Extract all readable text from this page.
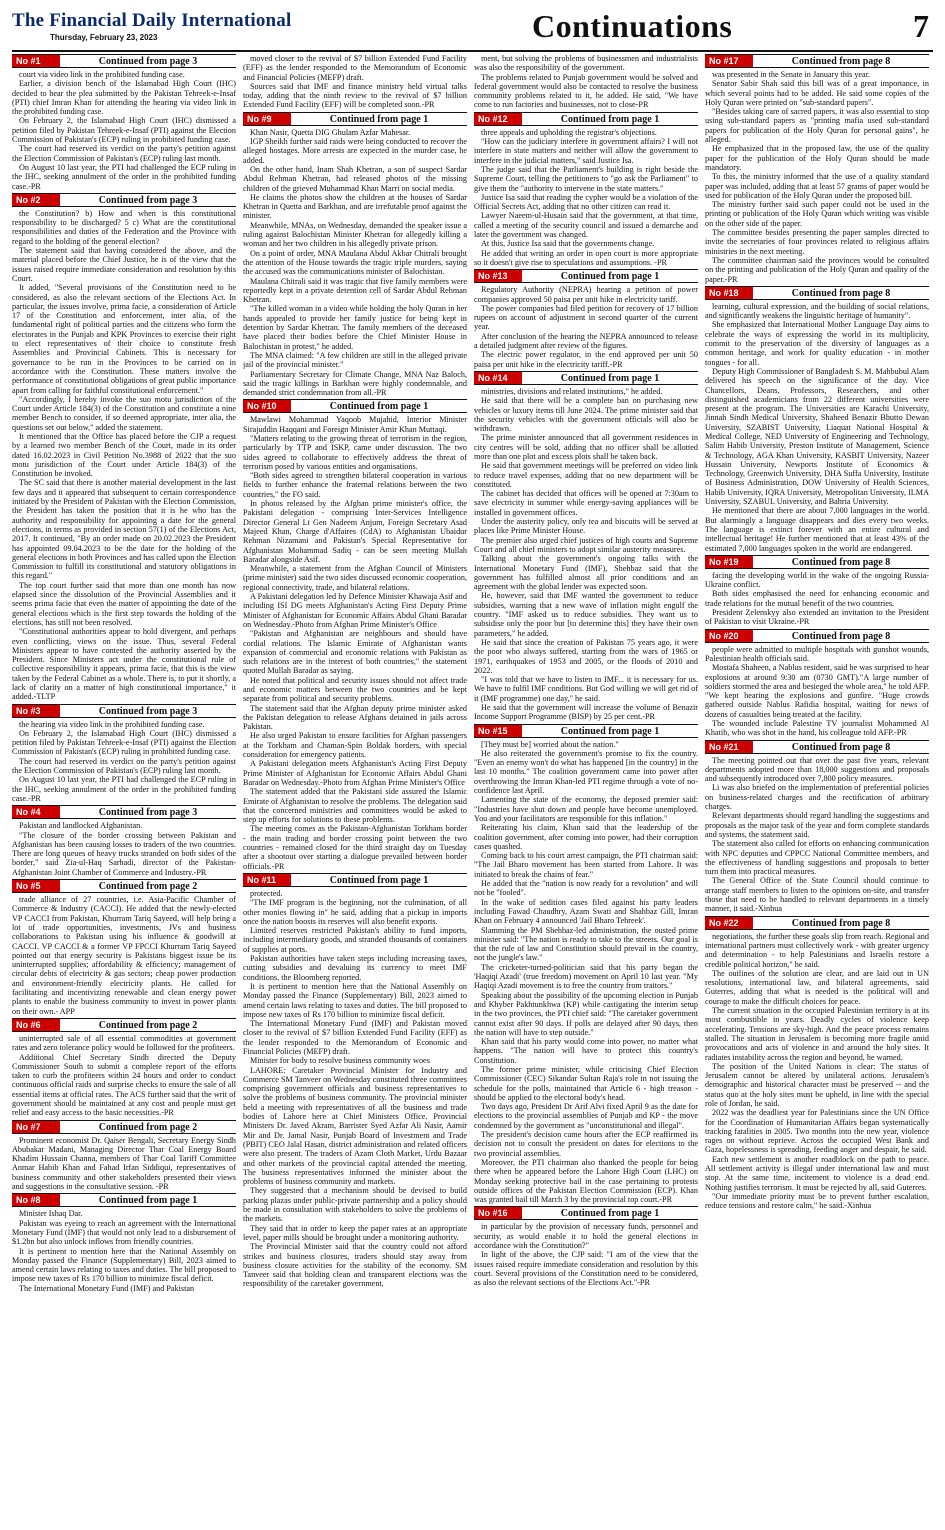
The Financial Daily International
Thursday, February 23, 2023	Continuations	7
No #1	Continued from page 3

court via video link in the prohibited funding case.

Earlier, a division bench of the Islamabad High Court (IHC) decided to hear the plea submitted by the Pakistan Tehreek-e-Insaf (PTI) chief Imran Khan for attending the hearing via video link in the prohibited funding case.

On February 2, the Islamabad High Court (IHC) dismissed a petition filed by Pakistan Tehreek-e-Insaf (PTI) against the Election Commission of Pakistan's (ECP) ruling in prohibited funding case.

The court had reserved its verdict on the party's petition against the Election Commission of Pakistan's (ECP) ruling last month.

On August 10 last year, the PTI had challenged the ECP ruling in the IHC, seeking annulment of the order in the prohibited funding case.-PR

No #2	Continued from page 3

the Constitution? b) How and when is this constitutional responsibility to be discharged? 5 c) What are the constitutional responsibilities and duties of the Federation and the Province with regard to the holding of the general election?

The statement said that having considered the above, and the material placed before the Chief Justice, he is of the view that the issues raised require immediate consideration and resolution by this Court.

It added, "Several provisions of the Constitution need to be considered, as also the relevant sections of the Elections Act. In particular, the issues involve, prima facie, a consideration of Article 17 of the Constitution and enforcement, inter alia, of the fundamental right of political parties and the citizens who form the electorates in the Punjab and KPK Provinces to exercise their right to elect representatives of their choice to constitute fresh Assemblies and Provincial Cabinets. This is necessary for governance to be run in the Provinces to be carried on in accordance with the Constitution. These matters involve the performance of constitutional obligations of great public importance apart from calling for faithful constitutional enforcement."

"Accordingly, I hereby invoke the suo motu jurisdiction of the Court under Article 184(3) of the Constitution and constitute a nine member Bench to consider, if so deemed appropriate, inter alia, the questions set out below," added the statement.

It mentioned that the Office has placed before the CJP a request by a learned two member Bench of the Court, made in its order dated 16.02.2023 in Civil Petition No.3988 of 2022 that the suo motu jurisdiction of the Court under Article 184(3) of the Constitution be invoked.

The SC said that there is another material development in the last few days and it appeared that subsequent to certain correspondence initiated by the President of Pakistan with the Election Commission, the President has taken the position that it is he who has the authority and responsibility for appointing a date for the general elections, in terms as provided in section 57(1) of the Elections Act, 2017. It continued, "By an order made on 20.02.2023 the President has appointed 09.04.2023 to be the date for the holding of the general elections in both Provinces and has called upon the Election Commission to fulfill its constitutional and statutory obligations in this regard."

The top court further said that more than one month has now elapsed since the dissolution of the Provincial Assemblies and it seems prima facie that even the matter of appointing the date of the general elections which is the first step towards the holding of the elections, has still not been resolved.

"Constitutional authorities appear to hold divergent, and perhaps even conflicting, views on the issue. Thus, several Federal Ministers appear to have contested the authority asserted by the President. Since Ministers act under the constitutional rule of collective responsibility it appears, prima facie, that this is the view taken by the Federal Cabinet as a whole. There is, to put it shortly, a lack of clarity on a matter of high constitutional importance," it added.-TLTP

No #3	Continued from page 3

the hearing via video link in the prohibited funding case.

On February 2, the Islamabad High Court (IHC) dismissed a petition filed by Pakistan Tehreek-e-Insaf (PTI) against the Election Commission of Pakistan's (ECP) ruling in prohibited funding case.

The court had reserved its verdict on the party's petition against the Election Commission of Pakistan's (ECP) ruling last month.

On August 10 last year, the PTI had challenged the ECP ruling in the IHC, seeking annulment of the order in the prohibited funding case.-PR

No #4	Continued from page 3

Pakistan and landlocked Afghanistan.

"The closure of the border crossing between Pakistan and Afghanistan has been causing losses to traders of the two countries. There are long queues of heavy trucks stranded on both sides of the border," said Zia-ul-Haq Sarhadi, director of the Pakistan-Afghanistan Joint Chamber of Commerce and Industry.-PR

No #5	Continued from page 2

trade alliance of 27 countries, i.e. Asia-Pacific Chamber of Commerce & Industry (CACCI). He added that the newly-elected VP CACCI from Pakistan, Khurram Tariq Sayeed, will help bring a lot of trade opportunities, investments, JVs and business collaborations to Pakistan using his influence & goodwill at CACCI. VP CACCI & a former VP FPCCI Khurram Tariq Sayeed pointed out that energy security is Pakistans biggest issue be its uninterrupted supplies; affordability & efficiency; management of circular debts of electricity & gas sectors; cheap power production and environment-friendly electricity plants. He called for facilitating and incentivizing renewable and clean energy power plants to enable the business community to invest in power plants on their own.- APP

No #6	Continued from page 2

uninterrupted sale of all essential commodities at government rates and zero tolerance policy would be followed for the profiteers.

Additional Chief Secretary Sindh directed the Deputy Commissioner South to submit a complete report of the efforts taken to curb the profiteers within 24 hours and order to conduct continuous official raids and surprise checks to ensure the sale of all essential items at official rates. The ACS further said that the writ of government should be maintained at any cost and people must get relief and easy access to the basic necessities.-PR

No #7	Continued from page 2

Prominent economist Dr. Qaiser Bengali, Secretary Energy Sindh Abubakar Madani, Managing Director Thar Coal Energy Board Khadim Hussain Channa, members of Thar Coal Tariff Committee Anmar Habib Khan and Fahad Irfan Siddiqui, representatives of business community and other stakeholders presented their views and suggestions in the consultative session. -PR

No #8	Continued from page 1

Minister Ishaq Dar.

Pakistan was eyeing to reach an agreement with the International Monetary Fund (IMF) that would not only lead to a disbursement of $1.2bn but also unlock inflows from friendly countries.

It is pertinent to mention here that the National Assembly on Monday passed the Finance (Supplementary) Bill, 2023 aimed to amend certain laws relating to taxes and duties. The bill proposed to impose new taxes of Rs 170 billion to minimize fiscal deficit.

The International Monetary Fund (IMF) and Pakistan

moved closer to the revival of $7 billion Extended Fund Facility (EFF) as the lender responded to the Memorandum of Economic and Financial Policies (MEFP) draft.

Sources said that IMF and finance ministry held virtual talks today, adding that the ninth review to the revival of $7 billion Extended Fund Facility (EFF) will be completed soon.-PR

No #9	Continued from page 1

Khan Nasir, Quetta DIG Ghulam Azfar Mahesar.

IGP Sheikh further said raids were being conducted to recover the alleged hostages. More arrests are expected in the murder case, he added.

On the other hand, Inam Shah Khetran, a son of suspect Sardar Abdul Rehman Khetran, had released photos of the missing children of the grieved Muhammad Khan Marri on social media.

He claims the photos show the children at the houses of Sardar Khetran in Quetta and Barkhan, and are irrefutable proof against the minister.

Meanwhile, MNAs, on Wednesday, demanded the speaker issue a ruling against Balochistan Minister Khetran for allegedly killing a woman and her two children in his allegedly private prison.

On a point of order, MNA Maulana Abdul Akbar Chitrali brought the attention of the House towards the tragic triple murders, saying the accused was the communications minister of Balochistan.

Maulana Chitrali said it was tragic that five family members were reportedly kept in a private detention cell of Sardar Abdul Rehman Khetran.

"The killed woman in a video while holding the holy Quran in her hands appealed to provide her family justice for being kept in detention by Sardar Khetran. The family members of the deceased have placed their bodies before the Chief Minister House in Balochistan in protest," he added.

The MNA claimed: "A few children are still in the alleged private jail of the provincial minister."

Parliamentary Secretary for Climate Change, MNA Naz Baloch, said the tragic killings in Barkhan were highly condemnable, and demanded strict condemnation from all.-PR

No #10	Continued from page 1

Mawlawi Mohammad Yaqoob Mujahid, Interior Minister Sirajuddin Haqqani and Foreign Minister Amir Khan Muttaqi.

"Matters relating to the growing threat of terrorism in the region, particularly by TTP and ISKP, came under discussion. The two sides agreed to collaborate to effectively address the threat of terrorism posed by various entities and organisations.

"Both sides agreed to strengthen bilateral cooperation in various fields to further enhance the fraternal relations between the two countries," the FO said.

In photos released by the Afghan prime minister's office, the Pakistani delegation - comprising Inter-Services Intelligence Director General Lt Gen Nadeem Anjum, Foreign Secretary Asad Majeed Khan, Charge d'Affaires (CdA) to Afghanistan Ubaidur Rehman Nizamani and Pakistan's Special Representative for Afghanistan Mohammad Sadiq - can be seen meeting Mullah Baradar alongside Asif.

Meanwhile, a statement from the Afghan Council of Ministers (prime minister) said the two sides discussed economic cooperation, regional connectivity, trade, and bilateral relations.

A Pakistani delegation led by Defence Minister Khawaja Asif and including ISI DG meets Afghanistan's Acting First Deputy Prime Minister of Afghanistan for Economic Affairs Abdul Ghani Baradar on Wednesday.-Photo from Afghan Prime Minister's Office

"Pakistan and Afghanistan are neighbours and should have cordial relations. The Islamic Emirate of Afghanistan wants expansion of commercial and economic relations with Pakistan as such relations are in the interest of both countries," the statement quoted Mullah Baradar as saying.

He noted that political and security issues should not affect trade and economic matters between the two countries and be kept separate from political and security problems.

The statement said that the Afghan deputy prime minister asked the Pakistan delegation to release Afghans detained in jails across Pakistan.

He also urged Pakistan to ensure facilities for Afghan passengers at the Torkham and Chaman-Spin Boldak borders, with special consideration for emergency patients.

A Pakistani delegation meets Afghanistan's Acting First Deputy Prime Minister of Afghanistan for Economic Affairs Abdul Ghani Baradar on Wednesday.-Photo from Afghan Prime Minister's Office

The statement added that the Pakistani side assured the Islamic Emirate of Afghanistan to resolve the problems. The delegation said that the concerned ministries and committees would be asked to step up efforts for solutions to these problems.

The meeting comes as the Pakistan-Afghanistan Torkham border - the main trading and border crossing point between the two countries - remained closed for the third straight day on Tuesday after a shootout over starting a dialogue prevailed between border officials.-PR

No #11	Continued from page 1

protected.

"The IMF program is the beginning, not the culmination, of all other monies flowing in" he said, adding that a pickup in imports once the nation boosts its reserves will also benefit exports.

Limited reserves restricted Pakistan's ability to fund imports, including intermediary goods, and stranded thousands of containers of supplies at ports.

Pakistan authorities have taken steps including increasing taxes, cutting subsidies and devaluing its currency to meet IMF conditions, the Bloomberg reported.

It is pertinent to mention here that the National Assembly on Monday passed the Finance (Supplementary) Bill, 2023 aimed to amend certain laws relating to taxes and duties. The bill proposed to impose new taxes of Rs 170 billion to minimize fiscal deficit.

The International Monetary Fund (IMF) and Pakistan moved closer to the revival of $7 billion Extended Fund Facility (EFF) as the lender responded to the Memorandum of Economic and Financial Policies (MEFP) draft.

Minister for body to resolve business community woes

LAHORE: Caretaker Provincial Minister for Industry and Commerce SM Tanveer on Wednesday constituted three committees comprising government officials and business representatives to solve the problems of business community. The provincial minister held a meeting with representatives of all the business and trade bodies of Lahore here at Chief Ministers Office. Provincial Ministers Dr. Javed Akram, Barrister Syed Azfar Ali Nasir, Aamir Mir and Dr. Jamal Nasir, Punjab Board of Investment and Trade (PBIT) CEO Jalal Hasan, district administration and related officers were also present. The traders of Azam Cloth Market, Urdu Bazaar and other markets of the provincial capital attended the meeting. The business representatives informed the minister about the problems of business community and markets.

They suggested that a mechanism should be devised to build parking plazas under public-private partnership and a policy should be made in consultation with stakeholders to solve the problems of the markets.

They said that in order to keep the paper rates at an appropriate level, paper mills should be brought under a monitoring authority.

The Provincial Minister said that the country could not afford strikes and business closures, traders should stay away from business closure activities for the stability of the economy. SM Tanveer said that holding clean and transparent elections was the responsibility of the caretaker government,

ment, but solving the problems of businessmen and industrialists was also the responsibility of the government.

The problems related to Punjab government would be solved and federal government would also be contacted to resolve the business community problems related to it, he added. He said, "We have come to run factories and businesses, not to close-PR

No #12	Continued from page 1

three appeals and upholding the registrar's objections.

"How can the judiciary interfere in government affairs? I will not interfere in state matters and neither will allow the government to interfere in the judicial matters," said Justice Isa.

The judge said that the Parliament's building is right beside the Supreme Court, telling the petitioners to "go ask the Parliament" to give them the "authority to intervene in the state matters."

Justice Isa said that reading the cypher would be a violation of the Official Secrets Act, adding that no other citizen can read it.

Lawyer Naeem-ul-Husain said that the government, at that time, called a meeting of the security council and issued a demarche and later the government was changed.

At this, Justice Isa said that the governments change.

He added that writing an order in open court is more appropriate so it doesn't give rise to speculations and assumptions. -PR

No #13	Continued from page 1

Regulatory Authority (NEPRA) hearing a petition of power companies approved 50 paisa per unit hike in electricity tariff.

The power companies had filed petition for recovery of 17 billion rupees on account of adjustment in second quarter of the current year.

After conclusion of the hearing the NEPRA announced to release a detailed judgment after review of the figures.

The electric power regulator, in the end approved per unit 50 paisa per unit hike in the electricity tariff.-PR

No #14	Continued from page 1

ministries, divisions and related institutions," he added.

He said that there will be a complete ban on purchasing new vehicles or luxury items till June 2024. The prime minister said that the security vehicles with the government officials will also be withdrawn.

The prime minister announced that all government residences in city centres will be sold, adding that no officer shall be allotted more than one plot and excess plots shall be taken back.

He said that government meetings will be preferred on video link to reduce travel expenses, adding that no new department will be constituted.

The cabinet has decided that offices will be opened at 7:30am to save electricity in summer while energy-saving appliances will be installed in government offices.

Under the austerity policy, only tea and biscuits will be served at places like Prime Minister House.

The premier also urged chief justices of high courts and Supreme Court and all chief ministers to adopt similar austerity measures.

Talking about the government's ongoing talks with the International Monetary Fund (IMF), Shehbaz said that the government has fulfilled almost all prior conditions and an agreement with the global lender was expected soon.

He, however, said that IMF wanted the government to reduce subsidies, warning that a new wave of inflation might engulf the country. "IMF asked us to reduce subsidies. They want us to subsidise only the poor but [to determine this] they have their own parameters," he added.

He said that since the creation of Pakistan 75 years ago, it were the poor who always suffered, starting from the wars of 1965 or 1971, earthquakes of 1953 and 2005, or the floods of 2010 and 2022.

"I was told that we have to listen to IMF... it is necessary for us. We have to fulfil IMF conditions. But God willing we will get rid of it (IMF programme) one day," he said.

He said that the government will increase the volume of Benazir Income Support Programme (BISP) by 25 per cent.-PR

No #15	Continued from page 1

[They must be] worried about the nation."

He also reiterated the government's promise to fix the country. "Even an enemy won't do what has happened [in the country] in the last 10 months." The coalition government came into power after overthrowing the Imran Khan-led PTI regime through a vote of no-confidence last April.

Lamenting the state of the economy, the deposed premier said: "Industries have shut down and people have become unemployed. You and your facilitators are responsible for this inflation."

Reiterating his claim, Khan said that the leadership of the coalition government, after coming into power, had their corruption cases quashed.

Coming back to his court arrest campaign, the PTI chairman said: "The Jail Bharo movement has been started from Lahore. It was initiated to break the chains of fear."

He added that the "nation is now ready for a revolution" and will not be "fooled".

In the wake of sedition cases filed against his party leaders including Fawad Chaudhry, Azam Swati and Shahbaz Gill, Imran Khan on February 4 announced 'Jail Bharo Tehreek'.

Slamming the PM Shehbaz-led administration, the ousted prime minister said: "The nation is ready to take to the streets. Our goal is that the rule of law and Constitution should prevail in the country, not the jungle's law."

The cricketer-turned-politician said that his party began the 'Haqiqi Azadi' (true freedom) movement on April 10 last year. "My Haqiqi Azadi movement is to free the country from traitors."

Speaking about the possibility of the upcoming election in Punjab and Khyber Pakhtunkhwa (KP) while castigating the interim setup in the two provinces, the PTI chief said: "The caretaker government cannot exist after 90 days. If polls are delayed after 90 days, then the nation will have to step outside."

Khan said that his party would come into power, no matter what happens. "The nation will have to protect this country's Constitution.

The former prime minister, while criticising Chief Election Commissioner (CEC) Sikandar Sultan Raja's role in not issuing the schedule for the polls, maintained that Article 6 - high treason - should be applied to the electoral body's head.

Two days ago, President Dr Arif Alvi fixed April 9 as the date for elections to the provincial assemblies of Punjab and KP - the move condemned by the government as "unconstitutional and illegal".

The president's decision came hours after the ECP reaffirmed its decision not to consult the president on dates for elections to the two provincial assemblies.

Moreover, the PTI chairman also thanked the people for being there when he appeared before the Lahore High Court (LHC) on Monday seeking protective bail in the case pertaining to protests outside offices of the Pakistan Election Commission (ECP). Khan was granted bail till March 3 by the provincial top court.-PR

No #16	Continued from page 1

in particular by the provision of necessary funds, personnel and security, as would enable it to hold the general elections in accordance with the Constitution?"

In light of the above, the CJP said: "I am of the view that the issues raised require immediate consideration and resolution by this court. Several provisions of the Constitution need to be considered, as also the relevant sections of the Elections Act."-PR

No #17	Continued from page 8

was presented in the Senate in January this year.

Senator Sabir Shah said this bill was of a great importance, in which several points had to be added. He said some copies of the Holy Quran were printed on "sub-standard papers".

"Besides taking care of sacred papers, it was also essential to stop using sub-standard papers as "printing mafia used sub-standard papers for publication of the Holy Quran for personal gains", he alleged.

He emphasized that in the proposed law, the use of the quality paper for the publication of the Holy Quran should be made mandatory.

To this, the ministry informed that the use of a quality standard paper was included, adding that at least 57 grams of paper would be used for publication of the Holy Quran under the proposed bill.

The ministry further said such paper could not be used in the printing or publication of the Holy Quran which writing was visible on the other side of the paper.

The committee besides presenting the paper samples directed to invite the secretaries of four provinces related to religious affairs ministries in the next meeting.

The committee chairman said the provinces would be consulted on the printing and publication of the Holy Quran and quality of the paper.-PR

No #18	Continued from page 8

learning, cultural expression, and the building of social relations, and significantly weakens the linguistic heritage of humanity".

She emphasized that International Mother Language Day aims to celebrate the ways of expressing the world in its multiplicity, commit to the preservation of the diversity of languages as a common heritage, and work for quality education - in mother tongues - for all.

Deputy High Commissioner of Bangladesh S. M. Mahbubul Alam delivered his speech on the significance of the day. Vice Chancellors, Deans, Professors, Researchers, and other distinguished academicians from 22 different universities were present at the program. The Universities are Karachi University, Jinnah Sindh Medical University, Shaheed Benazir Bhutto Dewan University, SZABIST University, Liaquat National Hospital & Medical College, NED University of Engineering and Technology, Salim Habib University, Preston Institute of Management, Science & Technology, AGA Khan University, KASBIT University, Nazeer Hussain University, Newports Institute of Economics & Technology, Greenwich University, DHA Suffa University, Institute of Business Administration, DOW University of Health Sciences, Habib University, IQRA University, Metropolitan University, ILMA University, SZABUL University, and Bahria University.

He mentioned that there are about 7,000 languages in the world. But alarmingly a language disappears and dies every two weeks. The language is extinct forever with an entire cultural and intellectual heritage! He further mentioned that at least 43% of the estimated 7,000 languages spoken in the world are endangered.

No #19	Continued from page 8

facing the developing world in the wake of the ongoing Russia-Ukraine conflict.

Both sides emphasised the need for enhancing economic and trade relations for the mutual benefit of the two countries.

President Zelenskyy also extended an invitation to the President of Pakistan to visit Ukraine.-PR

No #20	Continued from page 8

people were admitted to multiple hospitals with gunshot wounds, Palestinian health officials said.

Mostafa Shaheen, a Nablus resident, said he was surprised to hear explosions at around 9:30 am (0730 GMT)."A large number of soldiers stormed the area and besieged the whole area," he told AFP. "We kept hearing the explosions and gunfire. "Huge crowds gathered outside Nablus Rafidia hospital, waiting for news of dozens of casualties being treated at the facility.

The wounded include Palestine TV journalist Mohammed Al Khatib, who was shot in the hand, his colleague told AFP.-PR

No #21	Continued from page 8

The meeting pointed out that over the past five years, relevant departments adopted more than 18,000 suggestions and proposals and subsequently introduced over 7,800 policy measures.

Li was also briefed on the implementation of preferential policies on business-related charges and the rectification of arbitrary charges.

Relevant departments should regard handling the suggestions and proposals as the major task of the year and form complete standards and systems, the statement said.

The statement also called for efforts on enhancing communication with NPC deputies and CPPCC National Committee members, and the effectiveness of handling suggestions and proposals to better turn them into practical measures.

The General Office of the State Council should continue to arrange staff members to listen to the opinions on-site, and transfer those that need to be handled to relevant departments in a timely manner, it said.-Xinhua

No #22	Continued from page 8

negotiations, the further these goals slip from reach. Regional and international partners must collectively work - with greater urgency and determination - to help Palestinians and Israelis restore a credible political horizon," he said.

The outlines of the solution are clear, and are laid out in UN resolutions, international law, and bilateral agreements, said Guterres, adding that what is needed is the political will and courage to make the difficult choices for peace.

The current situation in the occupied Palestinian territory is at its most combustible in years. Deadly cycles of violence keep accelerating. Tensions are sky-high. And the peace process remains stalled. The situation in Jerusalem is becoming more fragile amid provocations and acts of violence in and around the holy sites. It radiates instability across the region and beyond, he warned.

The position of the United Nations is clear: The status of Jerusalem cannot be altered by unilateral actions. Jerusalem's demographic and historical character must be preserved -- and the status quo at the holy sites must be upheld, in line with the special role of Jordan, he said.

2022 was the deadliest year for Palestinians since the UN Office for the Coordination of Humanitarian Affairs began systematically tracking fatalities in 2005. Two months into the new year, violence rages on without reprieve. Across the occupied West Bank and Gaza, hopelessness is spreading, feeding anger and despair, he said.

Each new settlement is another roadblock on the path to peace. All settlement activity is illegal under international law and must stop. At the same time, incitement to violence is a dead end. Nothing justifies terrorism. It must be rejected by all, said Guterres.

"Our immediate priority must be to prevent further escalation, reduce tensions and restore calm," he said.-Xinhua
